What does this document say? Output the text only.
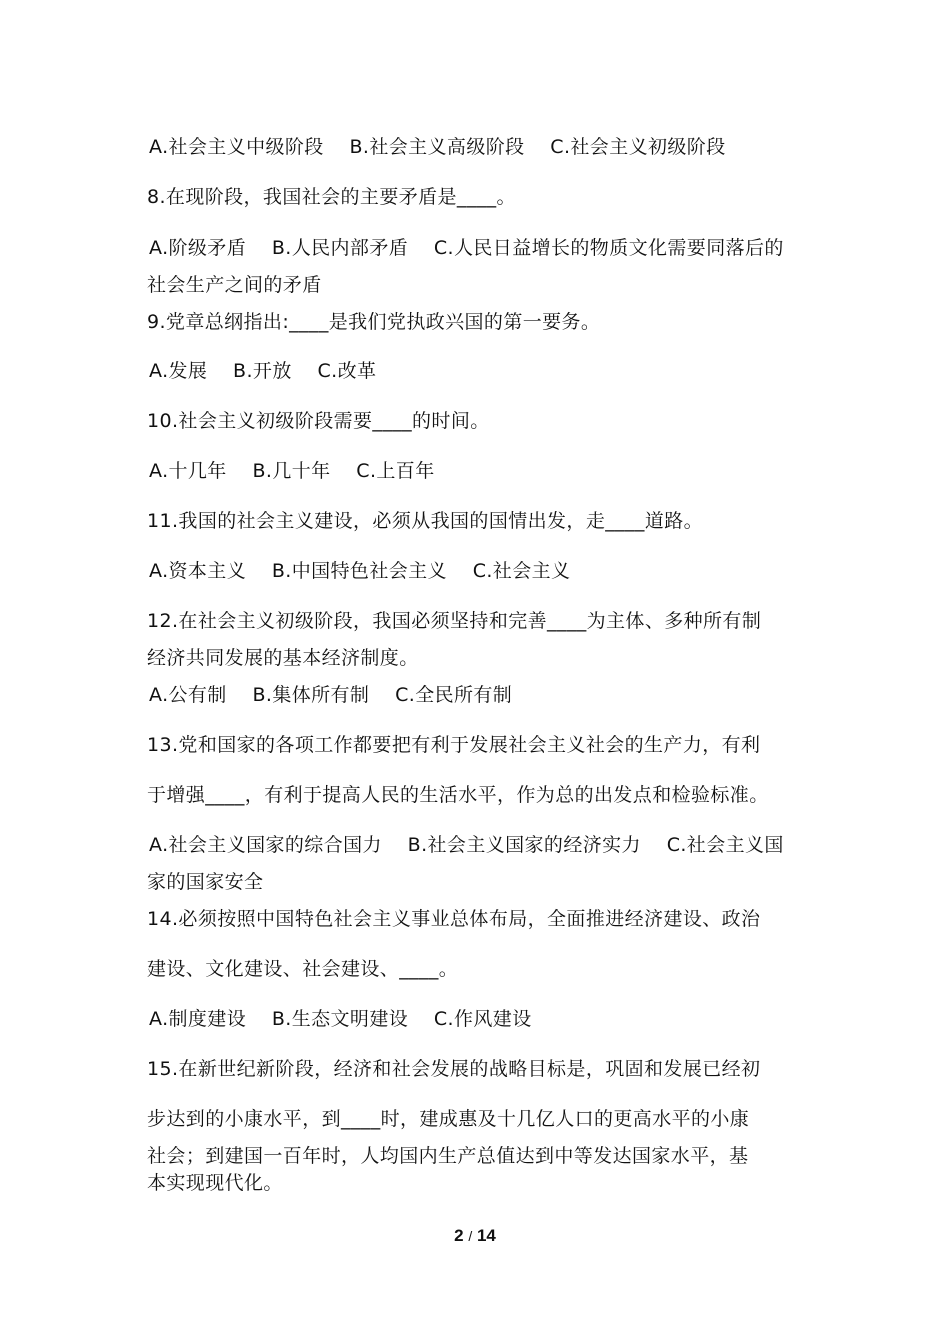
A.社会主义中级阶段    B.社会主义高级阶段    C.社会主义初级阶段
8.在现阶段，我国社会的主要矛盾是____。
A.阶级矛盾    B.人民内部矛盾    C.人民日益增长的物质文化需要同落后的
社会生产之间的矛盾
9.党章总纲指出:____是我们党执政兴国的第一要务。
A.发展    B.开放    C.改革
10.社会主义初级阶段需要____的时间。
A.十几年    B.几十年    C.上百年
11.我国的社会主义建设，必须从我国的国情出发，走____道路。
A.资本主义    B.中国特色社会主义    C.社会主义
12.在社会主义初级阶段，我国必须坚持和完善____为主体、多种所有制
经济共同发展的基本经济制度。
A.公有制    B.集体所有制    C.全民所有制
13.党和国家的各项工作都要把有利于发展社会主义社会的生产力，有利
于增强____，有利于提高人民的生活水平，作为总的出发点和检验标准。
A.社会主义国家的综合国力    B.社会主义国家的经济实力    C.社会主义国
家的国家安全
14.必须按照中国特色社会主义事业总体布局，全面推进经济建设、政治
建设、文化建设、社会建设、____。
A.制度建设    B.生态文明建设    C.作风建设
15.在新世纪新阶段，经济和社会发展的战略目标是，巩固和发展已经初
步达到的小康水平，到____时，建成惠及十几亿人口的更高水平的小康
社会；到建国一百年时，人均国内生产总值达到中等发达国家水平，基
本实现现代化。
2 / 14
